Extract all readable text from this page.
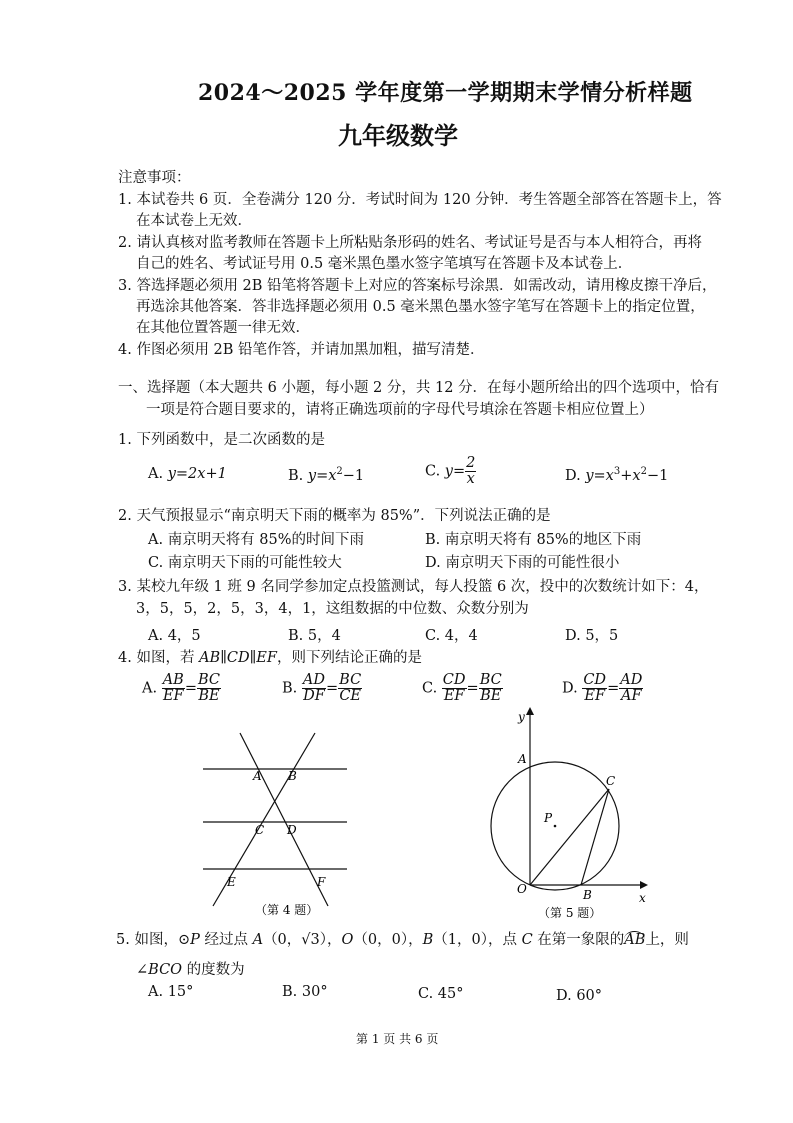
2024～2025 学年度第一学期期末学情分析样题
九年级数学
注意事项：
1. 本试卷共 6 页．全卷满分 120 分．考试时间为 120 分钟．考生答题全部答在答题卡上，答
在本试卷上无效．
2. 请认真核对监考教师在答题卡上所粘贴条形码的姓名、考试证号是否与本人相符合，再将
自己的姓名、考试证号用 0.5 毫米黑色墨水签字笔填写在答题卡及本试卷上．
3. 答选择题必须用 2B 铅笔将答题卡上对应的答案标号涂黑．如需改动，请用橡皮擦干净后，
再选涂其他答案．答非选择题必须用 0.5 毫米黑色墨水签字笔写在答题卡上的指定位置，
在其他位置答题一律无效．
4. 作图必须用 2B 铅笔作答，并请加黑加粗，描写清楚．
一、选择题（本大题共 6 小题，每小题 2 分，共 12 分．在每小题所给出的四个选项中，恰有
一项是符合题目要求的，请将正确选项前的字母代号填涂在答题卡相应位置上）
1. 下列函数中，是二次函数的是
A. y=2x+1	B. $y=x^2-1$	C. $y= \frac{2}{x}$	D. $y=x^3+x^2-1$
2. 天气预报显示“南京明天下雨的概率为 85%”．下列说法正确的是
A. 南京明天将有 85%的时间下雨	B. 南京明天将有 85%的地区下雨
C. 南京明天下雨的可能性较大	D. 南京明天下雨的可能性很小
3. 某校九年级 1 班 9 名同学参加定点投篮测试，每人投篮 6 次，投中的次数统计如下：4，
3，5，5，2，5，3，4，1，这组数据的中位数、众数分别为
A. 4，5	B. 5，4	C. 4，4	D. 5，5
4. 如图，若 AB∥CD∥EF，则下列结论正确的是
A. $\frac{AB}{EF} = \frac{BC}{BE}$	B. $\frac{AD}{DF} = \frac{BC}{CE}$	C. $\frac{CD}{EF} = \frac{BC}{BE}$	D. $\frac{CD}{EF} = \frac{AD}{AF}$
A B
C D
E	F
（第 4 题）
x
y
A
C
P
O	B
（第 5 题）
5. 如图，⊙P 经过点 A（0，√3），O（0，0），B（1，0），点 C 在第一象限的AB上，则
∠BCO 的度数为
A. 15°	B. 30°	C. 45°	D. 60°
第 1 页 共 6 页
